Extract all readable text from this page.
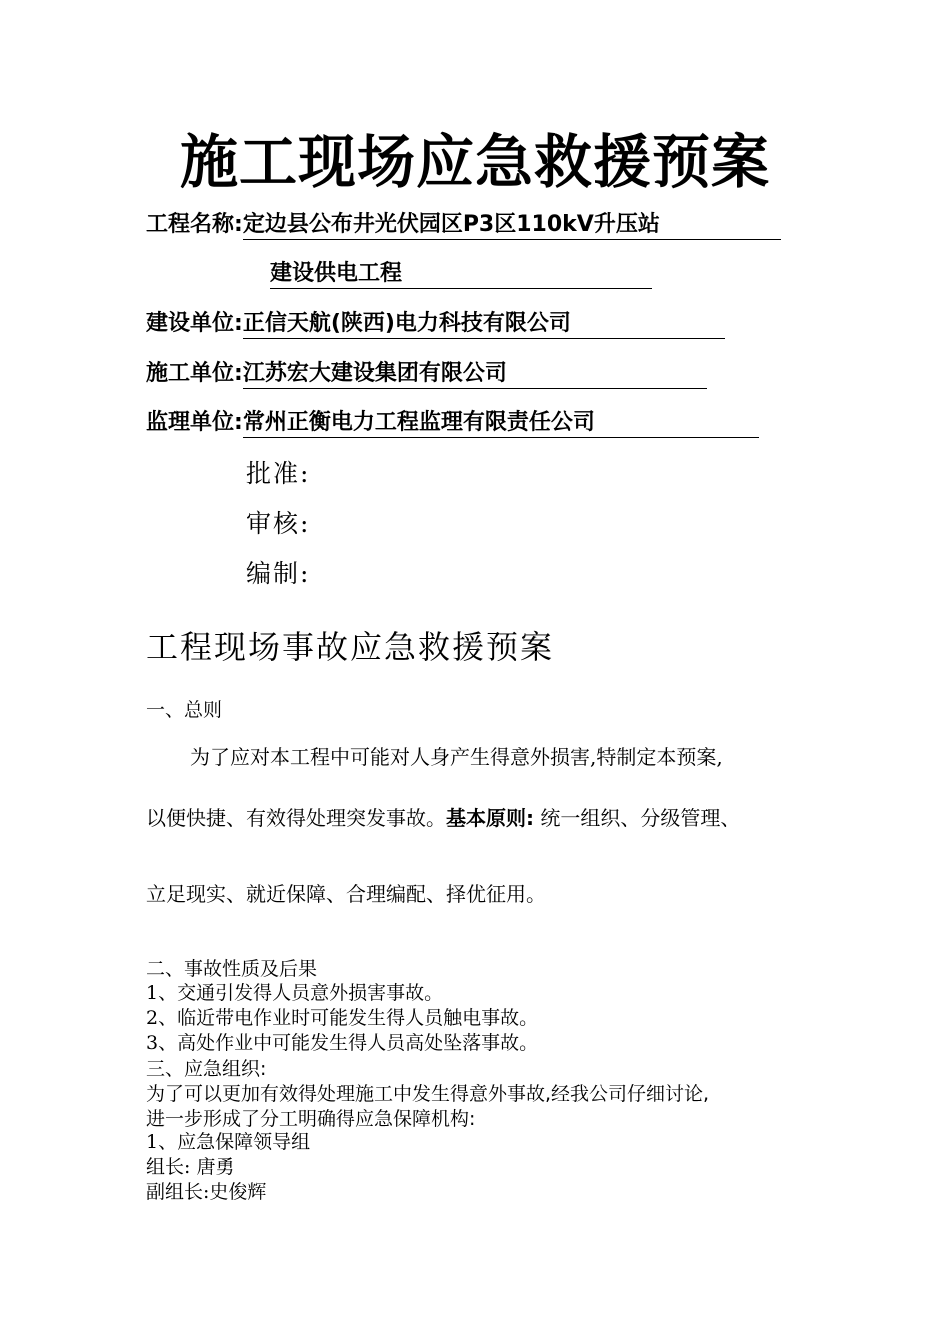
施工现场应急救援预案
工程名称:定边县公布井光伏园区P3区110kV升压站
建设供电工程
建设单位:正信天航(陕西)电力科技有限公司
施工单位:江苏宏大建设集团有限公司
监理单位:常州正衡电力工程监理有限责任公司
批准:
审核:
编制:
工程现场事故应急救援预案
一、总则
为了应对本工程中可能对人身产生得意外损害,特制定本预案,
以便快捷、有效得处理突发事故。基本原则: 统一组织、分级管理、
立足现实、就近保障、合理编配、择优征用。
二、事故性质及后果
1、交通引发得人员意外损害事故。
2、临近带电作业时可能发生得人员触电事故。
3、高处作业中可能发生得人员高处坠落事故。
三、应急组织:
为了可以更加有效得处理施工中发生得意外事故,经我公司仔细讨论,
进一步形成了分工明确得应急保障机构:
1、应急保障领导组
组长: 唐勇
副组长:史俊辉
